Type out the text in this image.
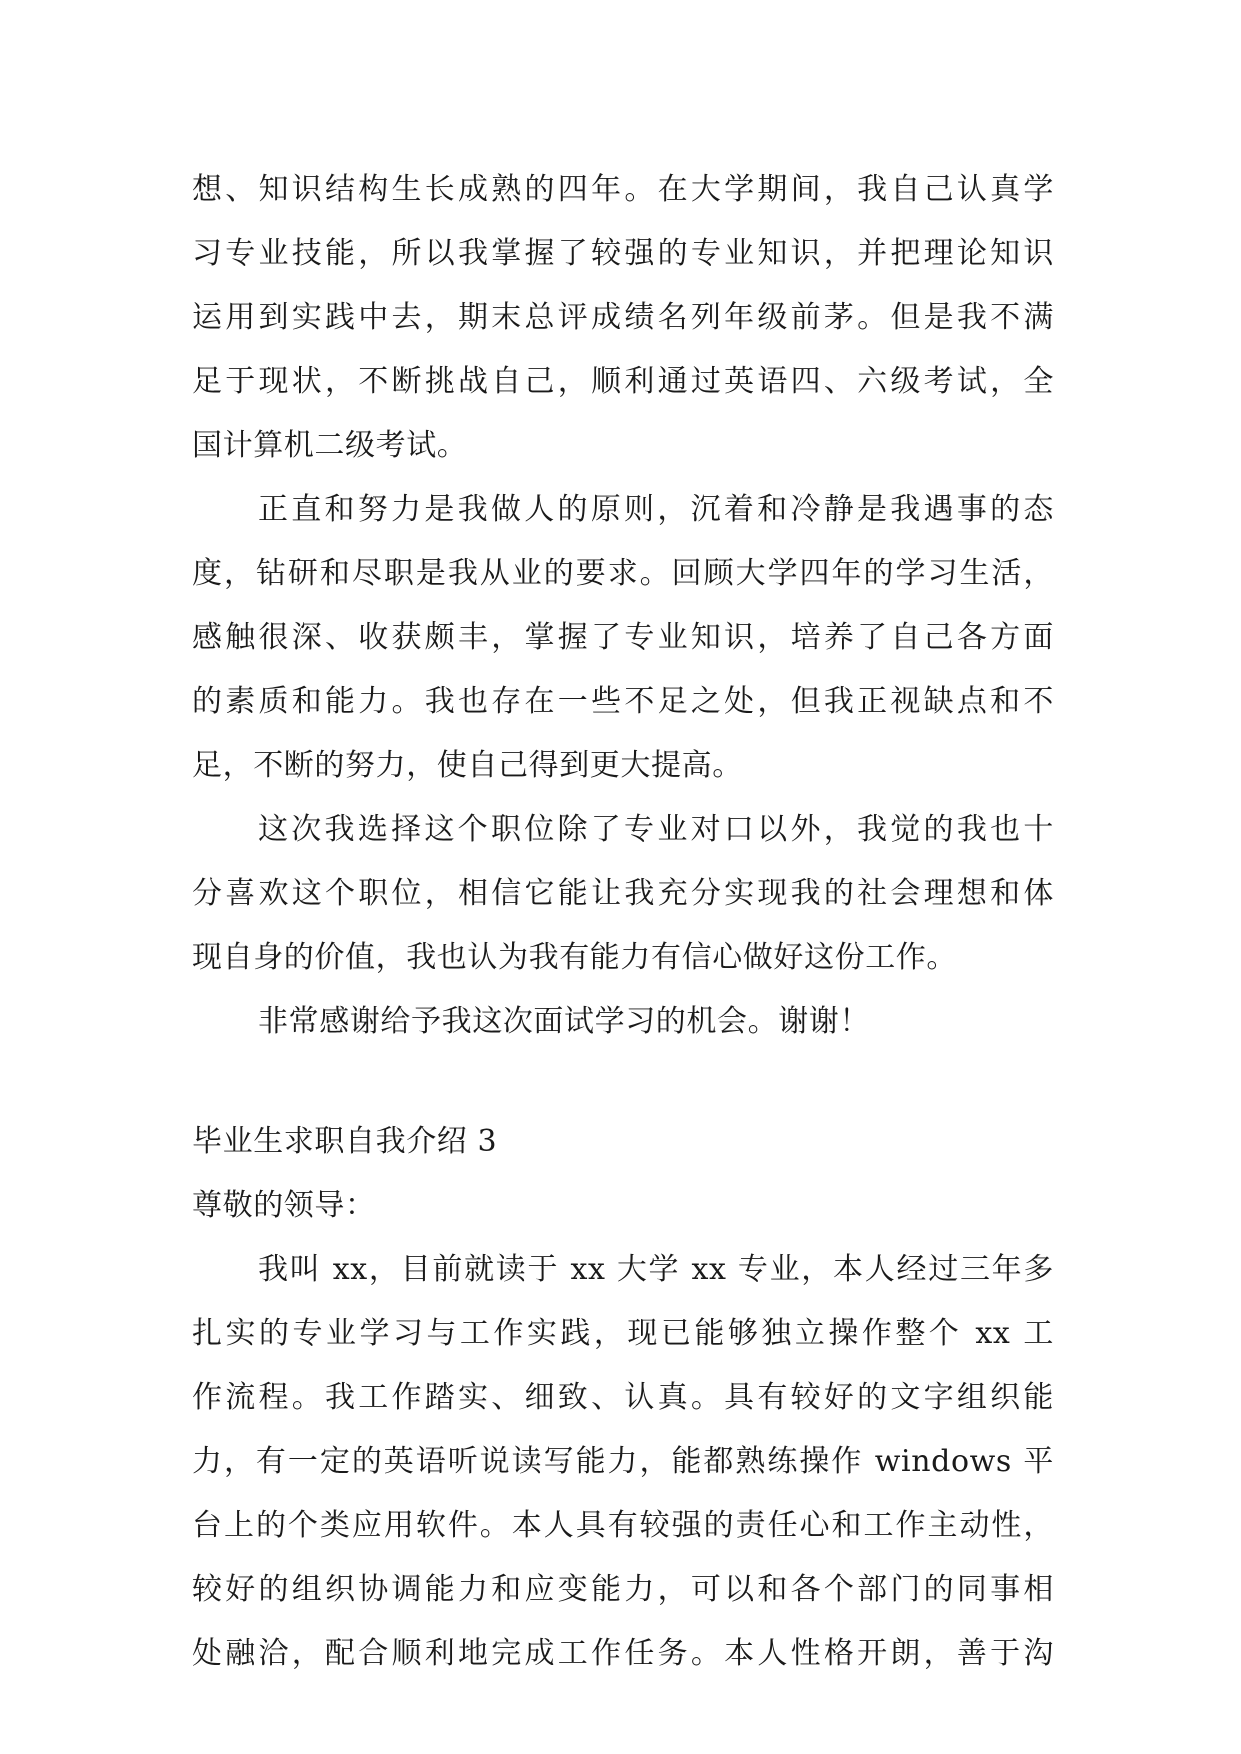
想、知识结构生长成熟的四年。在大学期间，我自己认真学
习专业技能，所以我掌握了较强的专业知识，并把理论知识
运用到实践中去，期末总评成绩名列年级前茅。但是我不满
足于现状，不断挑战自己，顺利通过英语四、六级考试，全
国计算机二级考试。
正直和努力是我做人的原则，沉着和冷静是我遇事的态
度，钻研和尽职是我从业的要求。回顾大学四年的学习生活，
感触很深、收获颇丰，掌握了专业知识，培养了自己各方面
的素质和能力。我也存在一些不足之处，但我正视缺点和不
足，不断的努力，使自己得到更大提高。
这次我选择这个职位除了专业对口以外，我觉的我也十
分喜欢这个职位，相信它能让我充分实现我的社会理想和体
现自身的价值，我也认为我有能力有信心做好这份工作。
非常感谢给予我这次面试学习的机会。谢谢！
毕业生求职自我介绍 3
尊敬的领导：
我叫 xx，目前就读于 xx 大学 xx 专业，本人经过三年多
扎实的专业学习与工作实践，现已能够独立操作整个 xx 工
作流程。我工作踏实、细致、认真。具有较好的文字组织能
力，有一定的英语听说读写能力，能都熟练操作 windows 平
台上的个类应用软件。本人具有较强的责任心和工作主动性，
较好的组织协调能力和应变能力，可以和各个部门的同事相
处融洽，配合顺利地完成工作任务。本人性格开朗，善于沟
